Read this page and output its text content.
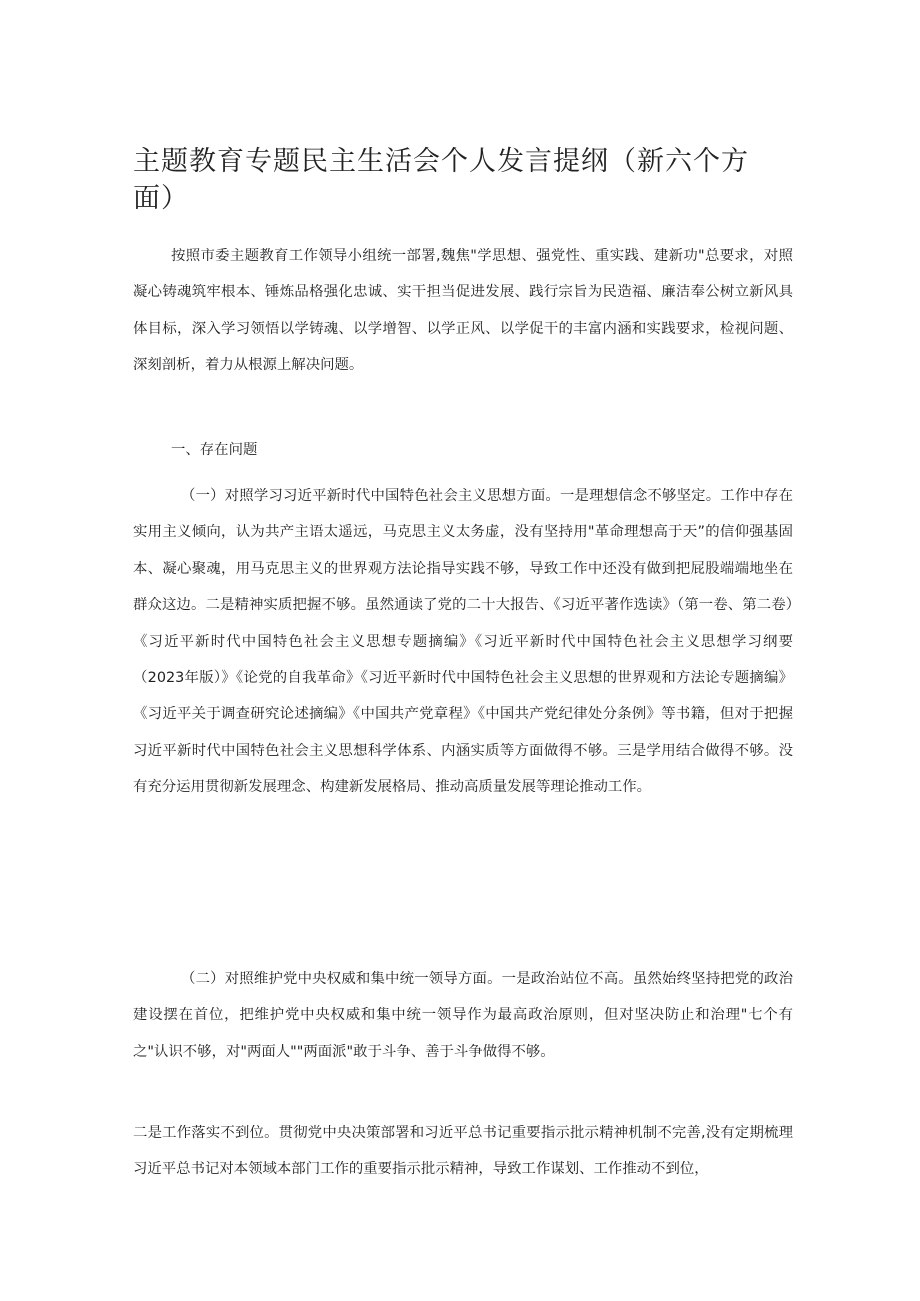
主题教育专题民主生活会个人发言提纲（新六个方面）

按照市委主题教育工作领导小组统一部署,魏焦"学思想、强党性、重实践、建新功"总要求，对照凝心铸魂筑牢根本、锤炼品格强化忠诚、实干担当促进发展、践行宗旨为民造福、廉洁奉公树立新风具体目标，深入学习领悟以学铸魂、以学增智、以学正风、以学促干的丰富内涵和实践要求，检视问题、深刻剖析，着力从根源上解决问题。

一、存在问题

（一）对照学习习近平新时代中国特色社会主义思想方面。一是理想信念不够坚定。工作中存在实用主义倾向，认为共产主语太遥远，马克思主义太务虚，没有坚持用"革命理想高于天”的信仰强基固本、凝心聚魂，用马克思主义的世界观方法论指导实践不够，导致工作中还没有做到把屁股端端地坐在群众这边。二是精神实质把握不够。虽然通读了党的二十大报告、《习近平著作选读》（第一卷、第二卷）《习近平新时代中国特色社会主义思想专题摘编》《习近平新时代中国特色社会主义思想学习纲要（2023年版）》《论党的自我革命》《习近平新时代中国特色社会主义思想的世界观和方法论专题摘编》《习近平关于调查研究论述摘编》《中国共产党章程》《中国共产党纪律处分条例》等书籍，但对于把握习近平新时代中国特色社会主义思想科学体系、内涵实质等方面做得不够。三是学用结合做得不够。没有充分运用贯彻新发展理念、构建新发展格局、推动高质量发展等理论推动工作。

（二）对照维护党中央权威和集中统一领导方面。一是政治站位不高。虽然始终坚持把党的政治建设摆在首位，把维护党中央权威和集中统一领导作为最高政治原则，但对坚决防止和治理"七个有之"认识不够，对"两面人""两面派"敢于斗争、善于斗争做得不够。

二是工作落实不到位。贯彻党中央决策部署和习近平总书记重要指示批示精神机制不完善,没有定期梳理习近平总书记对本领域本部门工作的重要指示批示精神，导致工作谋划、工作推动不到位，
